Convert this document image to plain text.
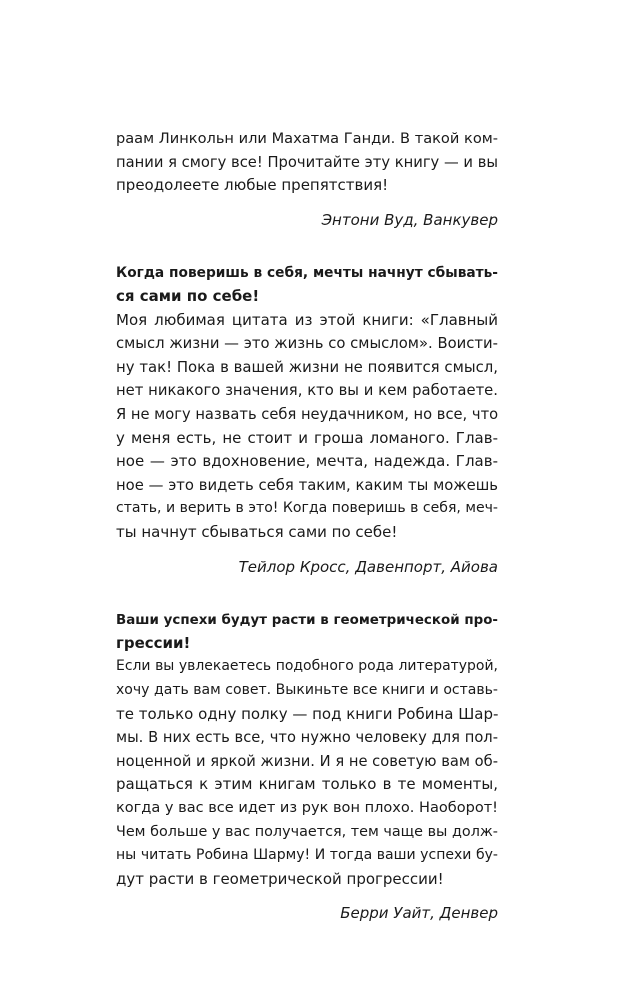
раам Линкольн или Махатма Ганди. В такой ком-
пании я смогу все! Прочитайте эту книгу — и вы
преодолеете любые препятствия!
Энтони Вуд, Ванкувер
Когда поверишь в себя, мечты начнут сбывать-
ся сами по себе!
Моя любимая цитата из этой книги: «Главный
смысл жизни — это жизнь со смыслом». Воисти-
ну так! Пока в вашей жизни не появится смысл,
нет никакого значения, кто вы и кем работаете.
Я не могу назвать себя неудачником, но все, что
у меня есть, не стоит и гроша ломаного. Глав-
ное — это вдохновение, мечта, надежда. Глав-
ное — это видеть себя таким, каким ты можешь
стать, и верить в это! Когда поверишь в себя, меч-
ты начнут сбываться сами по себе!
Тейлор Кросс, Давенпорт, Айова
Ваши успехи будут расти в геометрической про-
грессии!
Если вы увлекаетесь подобного рода литературой,
хочу дать вам совет. Выкиньте все книги и оставь-
те только одну полку — под книги Робина Шар-
мы. В них есть все, что нужно человеку для пол-
ноценной и яркой жизни. И я не советую вам об-
ращаться к этим книгам только в те моменты,
когда у вас все идет из рук вон плохо. Наоборот!
Чем больше у вас получается, тем чаще вы долж-
ны читать Робина Шарму! И тогда ваши успехи бу-
дут расти в геометрической прогрессии!
Берри Уайт, Денвер
